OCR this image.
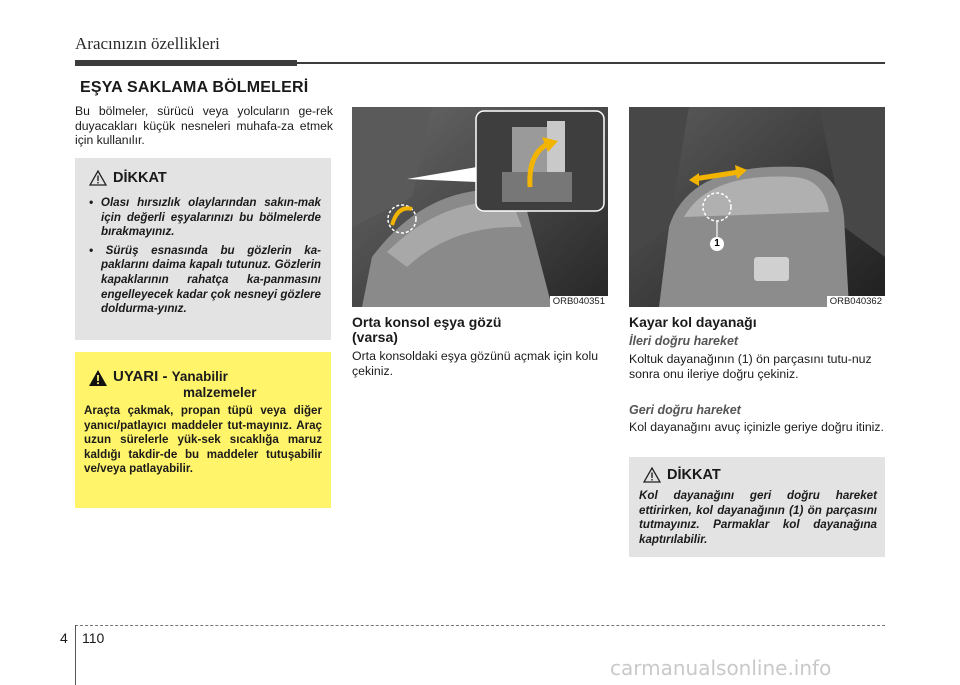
Aracınızın özellikleri
EŞYA SAKLAMA BÖLMELERİ
Bu bölmeler, sürücü veya yolcuların ge-rek duyacakları küçük nesneleri muhafa-za etmek için kullanılır.
DİKKAT

• Olası hırsızlık olaylarından sakın-mak için değerli eşyalarınızı bu bölmelerde bırakmayınız.

• Sürüş esnasında bu gözlerin ka-paklarını daima kapalı tutunuz. Gözlerin kapaklarının rahatça ka-panmasını engelleyecek kadar çok nesneyi gözlere doldurma-yınız.

UYARI - Yanabilir
malzemeler
Araçta çakmak, propan tüpü veya diğer yanıcı/patlayıcı maddeler tut-mayınız. Araç uzun sürelerle yük-sek sıcaklığa maruz kaldığı takdir-de bu maddeler tutuşabilir ve/veya patlayabilir.
ORB040351
Orta konsol eşya gözü
(varsa)
Orta konsoldaki eşya gözünü açmak için kolu çekiniz.
1
ORB040362
Kayar kol dayanağı
İleri doğru hareket
Koltuk dayanağının (1) ön parçasını tutu-nuz sonra onu ileriye doğru çekiniz.
Geri doğru hareket
Kol dayanağını avuç içinizle geriye doğru itiniz.
DİKKAT
Kol dayanağını geri doğru hareket ettirirken, kol dayanağının (1) ön parçasını tutmayınız. Parmaklar kol dayanağına kaptırılabilir.
4 110
carmanualsonline.info
